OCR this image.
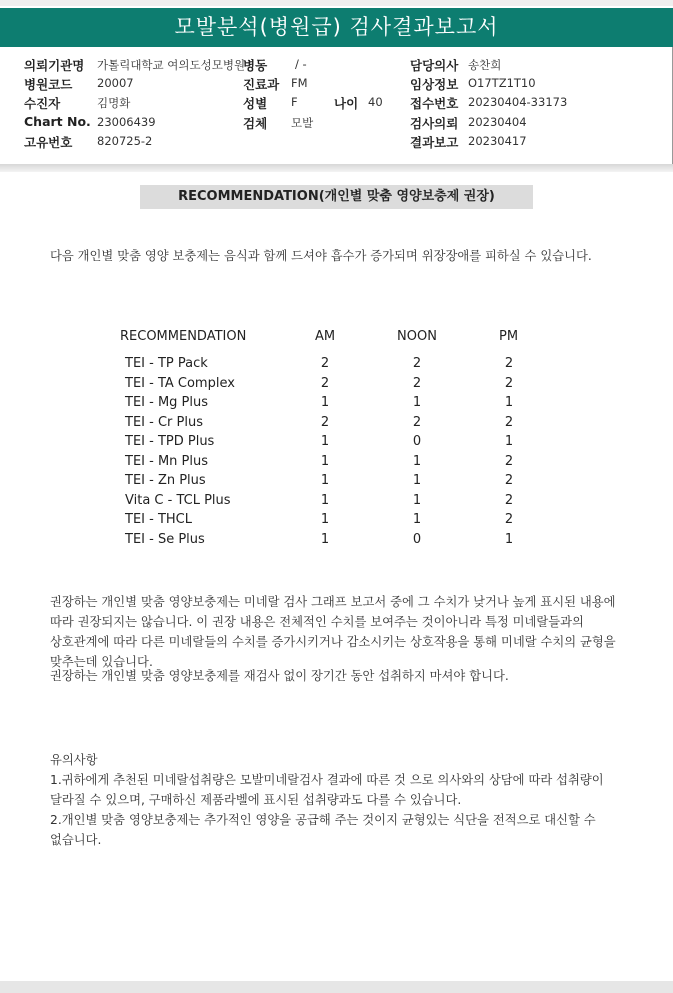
모발분석(병원급) 검사결과보고서
의뢰기관명 가톨릭대학교 여의도성모병원
병원코드 20007
수진자	김명화
Chart No. 23006439
고유번호 820725-2
병동 / -
진료과 FM
성별 F	나이 40
검체 모발
담당의사 송찬희
임상정보 O17TZ1T10
접수번호 20230404-33173
검사의뢰 20230404
결과보고 20230417
RECOMMENDATION(개인별 맞춤 영양보충제 권장)
다음 개인별 맞춤 영양 보충제는 음식과 함께 드셔야 흡수가 증가되며 위장장애를 피하실 수 있습니다.
RECOMMENDATION	AM	NOON	PM
TEI - TP Pack	2	2	2
TEI - TA Complex	2	2	2
TEI - Mg Plus	1	1	1
TEI - Cr Plus	2	2	2
TEI - TPD Plus	1	0	1
TEI - Mn Plus	1	1	2
TEI - Zn Plus	1	1	2
Vita C - TCL Plus	1	1	2
TEI - THCL	1	1	2
TEI - Se Plus	1	0	1
권장하는 개인별 맞춤 영양보충제는 미네랄 검사 그래프 보고서 중에 그 수치가 낮거나 높게 표시된 내용에 따라 권장되지는 않습니다. 이 권장 내용은 전체적인 수치를 보여주는 것이아니라 특정 미네랄들과의 상호관계에 따라 다른 미네랄들의 수치를 증가시키거나 감소시키는 상호작용을 통해 미네랄 수치의 균형을 맞추는데 있습니다.
권장하는 개인별 맞춤 영양보충제를 재검사 없이 장기간 동안 섭취하지 마셔야 합니다.
유의사항
1.귀하에게 추천된 미네랄섭취량은 모발미네랄검사 결과에 따른 것 으로 의사와의 상담에 따라 섭취량이 달라질 수 있으며, 구매하신 제품라벨에 표시된 섭취량과도 다를 수 있습니다.
2.개인별 맞춤 영양보충제는 추가적인 영양을 공급해 주는 것이지 균형있는 식단을 전적으로 대신할 수 없습니다.
